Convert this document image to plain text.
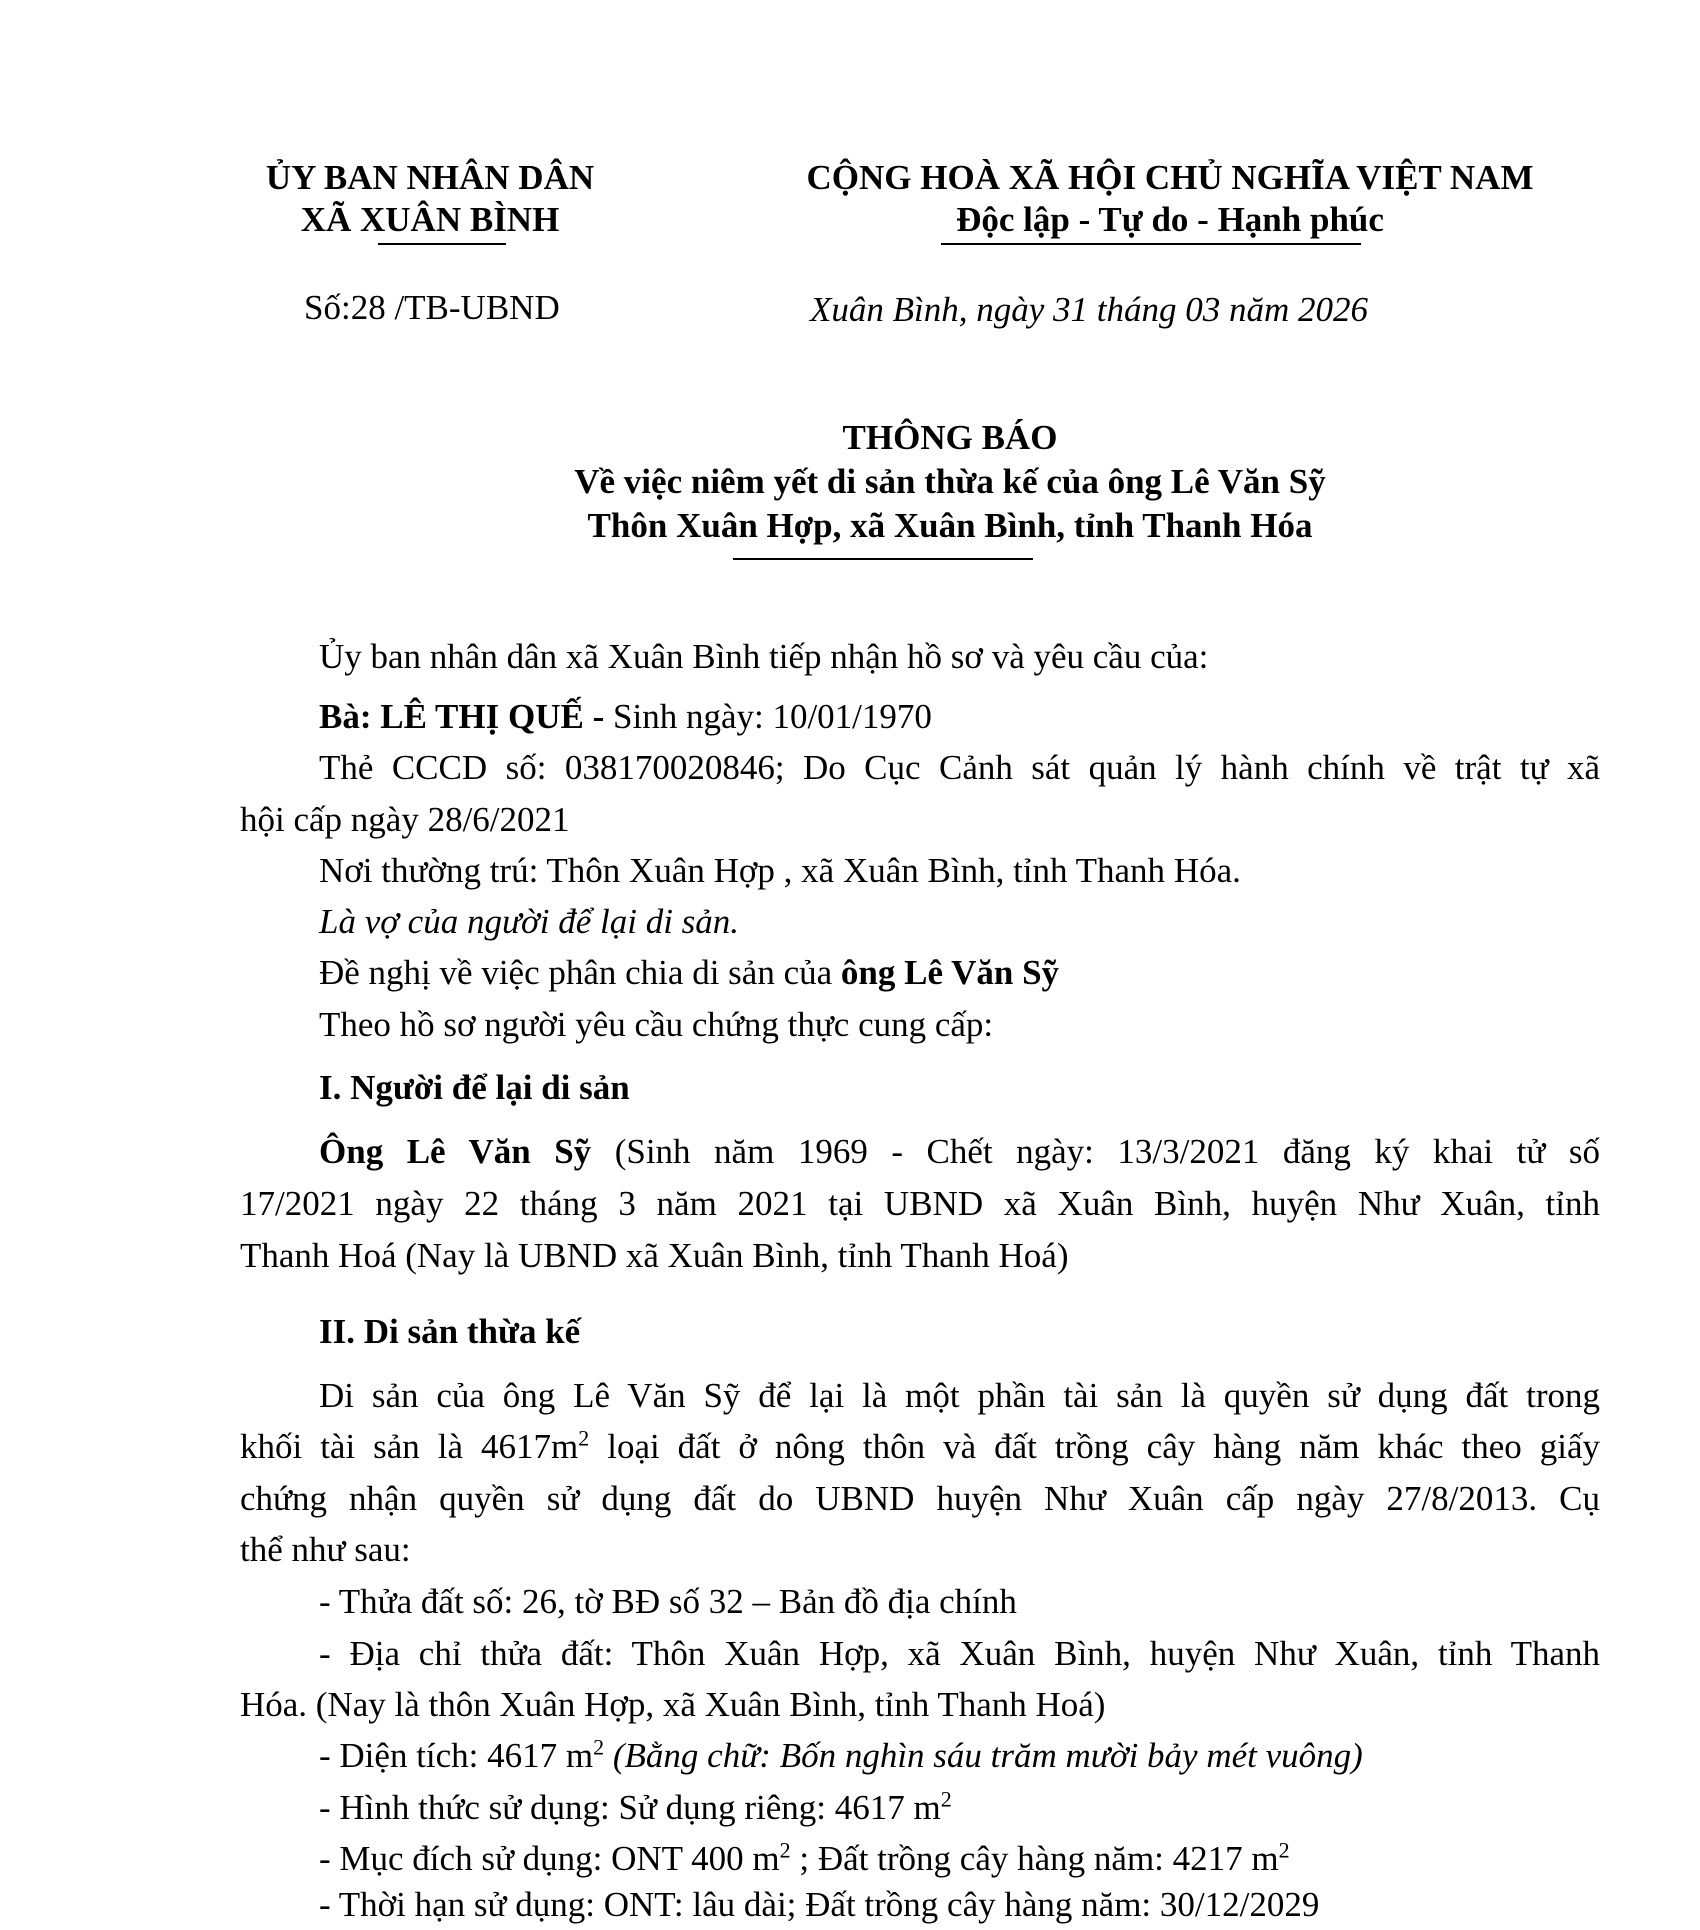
ỦY BAN NHÂN DÂN
XÃ XUÂN BÌNH
CỘNG HOÀ XÃ HỘI CHỦ NGHĨA VIỆT NAM
Độc lập - Tự do - Hạnh phúc
Số:28 /TB-UBND	Xuân Bình, ngày 31 tháng 03 năm 2026
THÔNG BÁO
Về việc niêm yết di sản thừa kế của ông Lê Văn Sỹ
Thôn Xuân Hợp, xã Xuân Bình, tỉnh Thanh Hóa
Ủy ban nhân dân xã Xuân Bình tiếp nhận hồ sơ và yêu cầu của:
Bà: LÊ THỊ QUẾ - Sinh ngày: 10/01/1970
Thẻ CCCD số: 038170020846; Do Cục Cảnh sát quản lý hành chính về trật tự xã
hội cấp ngày 28/6/2021
Nơi thường trú: Thôn Xuân Hợp , xã Xuân Bình, tỉnh Thanh Hóa.
Là vợ của người để lại di sản.
Đề nghị về việc phân chia di sản của ông Lê Văn Sỹ
Theo hồ sơ người yêu cầu chứng thực cung cấp:
I. Người để lại di sản
Ông Lê Văn Sỹ (Sinh năm 1969 - Chết ngày: 13/3/2021 đăng ký khai tử số
17/2021 ngày 22 tháng 3 năm 2021 tại UBND xã Xuân Bình, huyện Như Xuân, tỉnh
Thanh Hoá (Nay là UBND xã Xuân Bình, tỉnh Thanh Hoá)
II. Di sản thừa kế
Di sản của ông Lê Văn Sỹ để lại là một phần tài sản là quyền sử dụng đất trong
khối tài sản là $4617m^2$ loại đất ở nông thôn và đất trồng cây hàng năm khác theo giấy
chứng nhận quyền sử dụng đất do UBND huyện Như Xuân cấp ngày 27/8/2013. Cụ
thể như sau:
- Thửa đất số: 26, tờ BĐ số 32 – Bản đồ địa chính
- Địa chỉ thửa đất: Thôn Xuân Hợp, xã Xuân Bình, huyện Như Xuân, tỉnh Thanh
Hóa. (Nay là thôn Xuân Hợp, xã Xuân Bình, tỉnh Thanh Hoá)
- Diện tích: 4617 $m^2$ (Bằng chữ: Bốn nghìn sáu trăm mười bảy mét vuông)
- Hình thức sử dụng: Sử dụng riêng: 4617 $m^2$
- Mục đích sử dụng: ONT 400 $m^2$ ; Đất trồng cây hàng năm: 4217 $m^2$
- Thời hạn sử dụng: ONT: lâu dài; Đất trồng cây hàng năm: 30/12/2029
